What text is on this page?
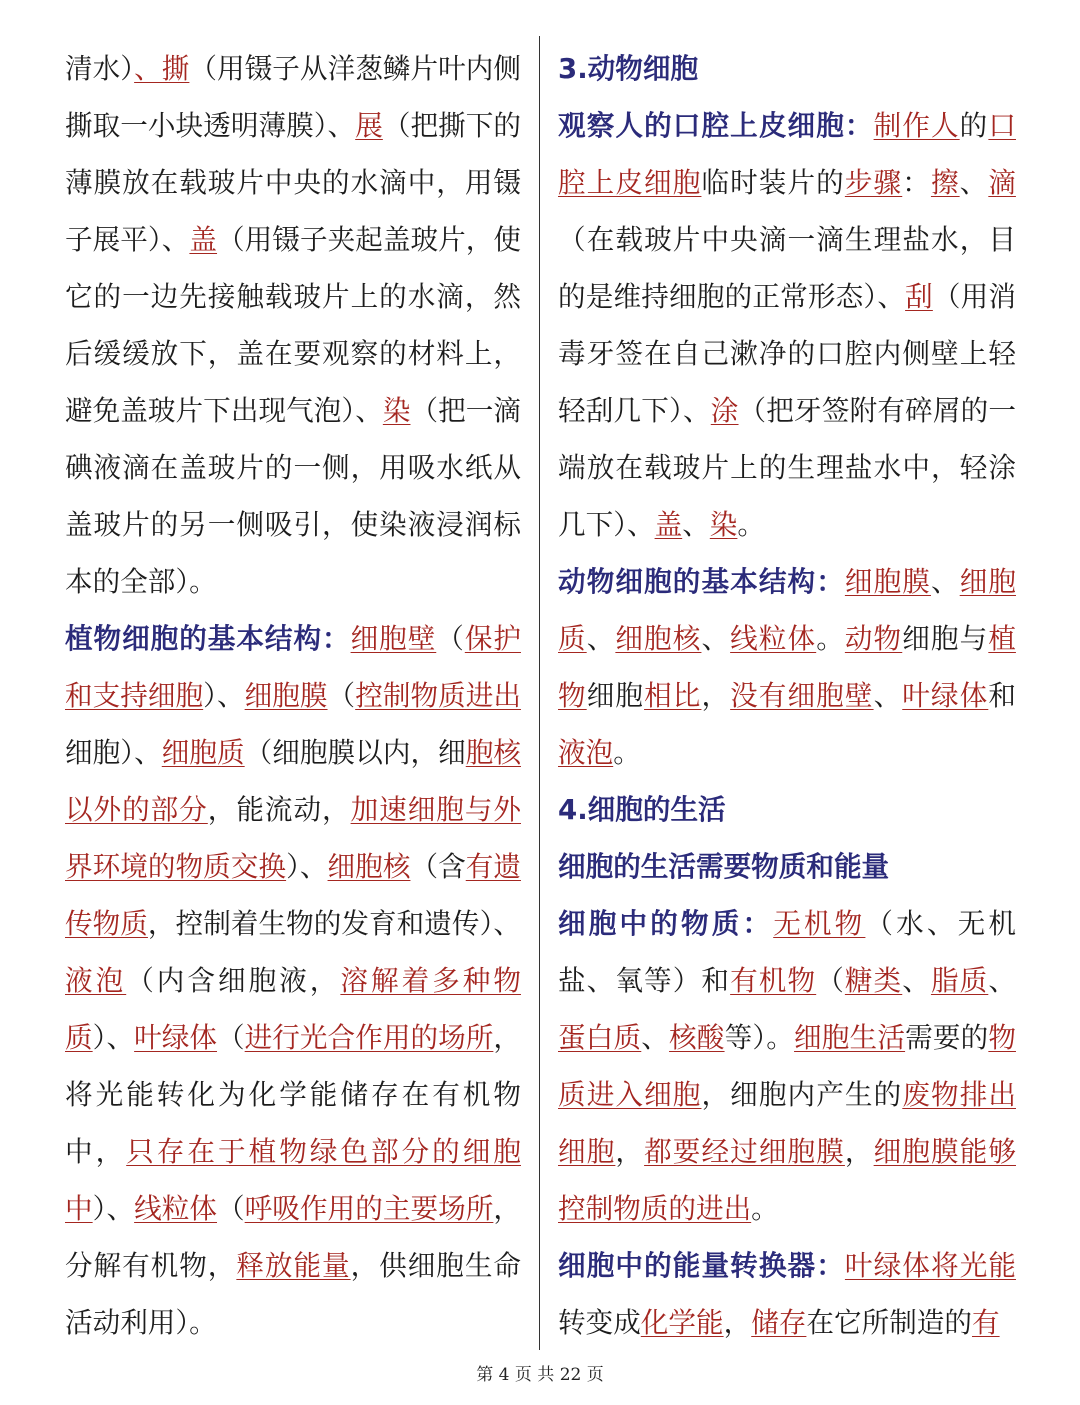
清水）、撕（用镊子从洋葱鳞片叶内侧撕取一小块透明薄膜）、展（把撕下的薄膜放在载玻片中央的水滴中，用镊子展平）、盖（用镊子夹起盖玻片，使它的一边先接触载玻片上的水滴，然后缓缓放下，盖在要观察的材料上，避免盖玻片下出现气泡）、染（把一滴碘液滴在盖玻片的一侧，用吸水纸从盖玻片的另一侧吸引，使染液浸润标本的全部）。

植物细胞的基本结构：细胞壁（保护和支持细胞）、细胞膜（控制物质进出细胞）、细胞质（细胞膜以内，细胞核以外的部分，能流动，加速细胞与外界环境的物质交换）、细胞核（含有遗传物质，控制着生物的发育和遗传）、液泡（内含细胞液，溶解着多种物质）、叶绿体（进行光合作用的场所，将光能转化为化学能储存在有机物中，只存在于植物绿色部分的细胞中）、线粒体（呼吸作用的主要场所，分解有机物，释放能量，供细胞生命活动利用）。

3.动物细胞

观察人的口腔上皮细胞：制作人的口腔上皮细胞临时装片的步骤：擦、滴（在载玻片中央滴一滴生理盐水，目的是维持细胞的正常形态）、刮（用消毒牙签在自己漱净的口腔内侧壁上轻轻刮几下）、涂（把牙签附有碎屑的一端放在载玻片上的生理盐水中，轻涂几下）、盖、染。

动物细胞的基本结构：细胞膜、细胞质、细胞核、线粒体。动物细胞与植物细胞相比，没有细胞壁、叶绿体和液泡。

4.细胞的生活

细胞的生活需要物质和能量

细胞中的物质：无机物（水、无机盐、氧等）和有机物（糖类、脂质、蛋白质、核酸等）。细胞生活需要的物质进入细胞，细胞内产生的废物排出细胞，都要经过细胞膜，细胞膜能够控制物质的进出。

细胞中的能量转换器：叶绿体将光能转变成化学能，储存在它所制造的有

第 4 页 共 22 页
